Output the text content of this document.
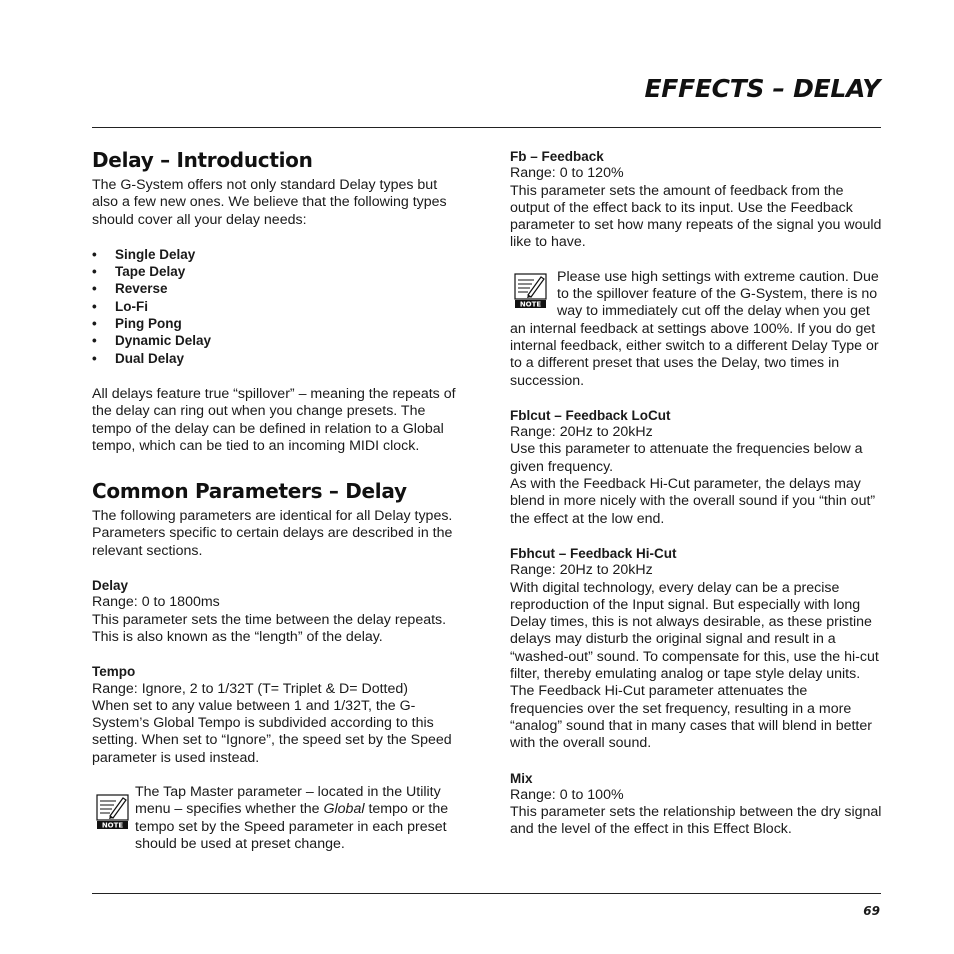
EFFECTS – DELAY
Delay – Introduction

The G-System offers not only standard Delay types but also a few new ones. We believe that the following types should cover all your delay needs:

• Single Delay
• Tape Delay
• Reverse
• Lo-Fi
• Ping Pong
• Dynamic Delay
• Dual Delay

All delays feature true “spillover” – meaning the repeats of the delay can ring out when you change presets. The tempo of the delay can be defined in relation to a Global tempo, which can be tied to an incoming MIDI clock.

Common Parameters – Delay

The following parameters are identical for all Delay types. Parameters specific to certain delays are described in the relevant sections.

Delay

Range: 0 to 1800ms

This parameter sets the time between the delay repeats. This is also known as the “length” of the delay.

Tempo

Range: Ignore, 2 to 1/32T (T= Triplet & D= Dotted)

When set to any value between 1 and 1/32T, the G-System’s Global Tempo is subdivided according to this setting. When set to “Ignore”, the speed set by the Speed parameter is used instead.

NOTE

The Tap Master parameter – located in the Utility menu – specifies whether the Global tempo or the tempo set by the Speed parameter in each preset should be used at preset change.

Fb – Feedback

Range: 0 to 120%

This parameter sets the amount of feedback from the output of the effect back to its input. Use the Feedback parameter to set how many repeats of the signal you would like to have.

NOTE

Please use high settings with extreme caution. Due to the spillover feature of the G-System, there is no way to immediately cut off the delay when you get an internal feedback at settings above 100%. If you do get internal feedback, either switch to a different Delay Type or to a different preset that uses the Delay, two times in succession.

Fblcut – Feedback LoCut

Range: 20Hz to 20kHz

Use this parameter to attenuate the frequencies below a given frequency.

As with the Feedback Hi-Cut parameter, the delays may blend in more nicely with the overall sound if you “thin out” the effect at the low end.

Fbhcut – Feedback Hi-Cut

Range: 20Hz to 20kHz

With digital technology, every delay can be a precise reproduction of the Input signal. But especially with long Delay times, this is not always desirable, as these pristine delays may disturb the original signal and result in a “washed-out” sound. To compensate for this, use the hi-cut filter, thereby emulating analog or tape style delay units.

The Feedback Hi-Cut parameter attenuates the frequencies over the set frequency, resulting in a more “analog” sound that in many cases that will blend in better with the overall sound.

Mix

Range: 0 to 100%

This parameter sets the relationship between the dry signal and the level of the effect in this Effect Block.

69
